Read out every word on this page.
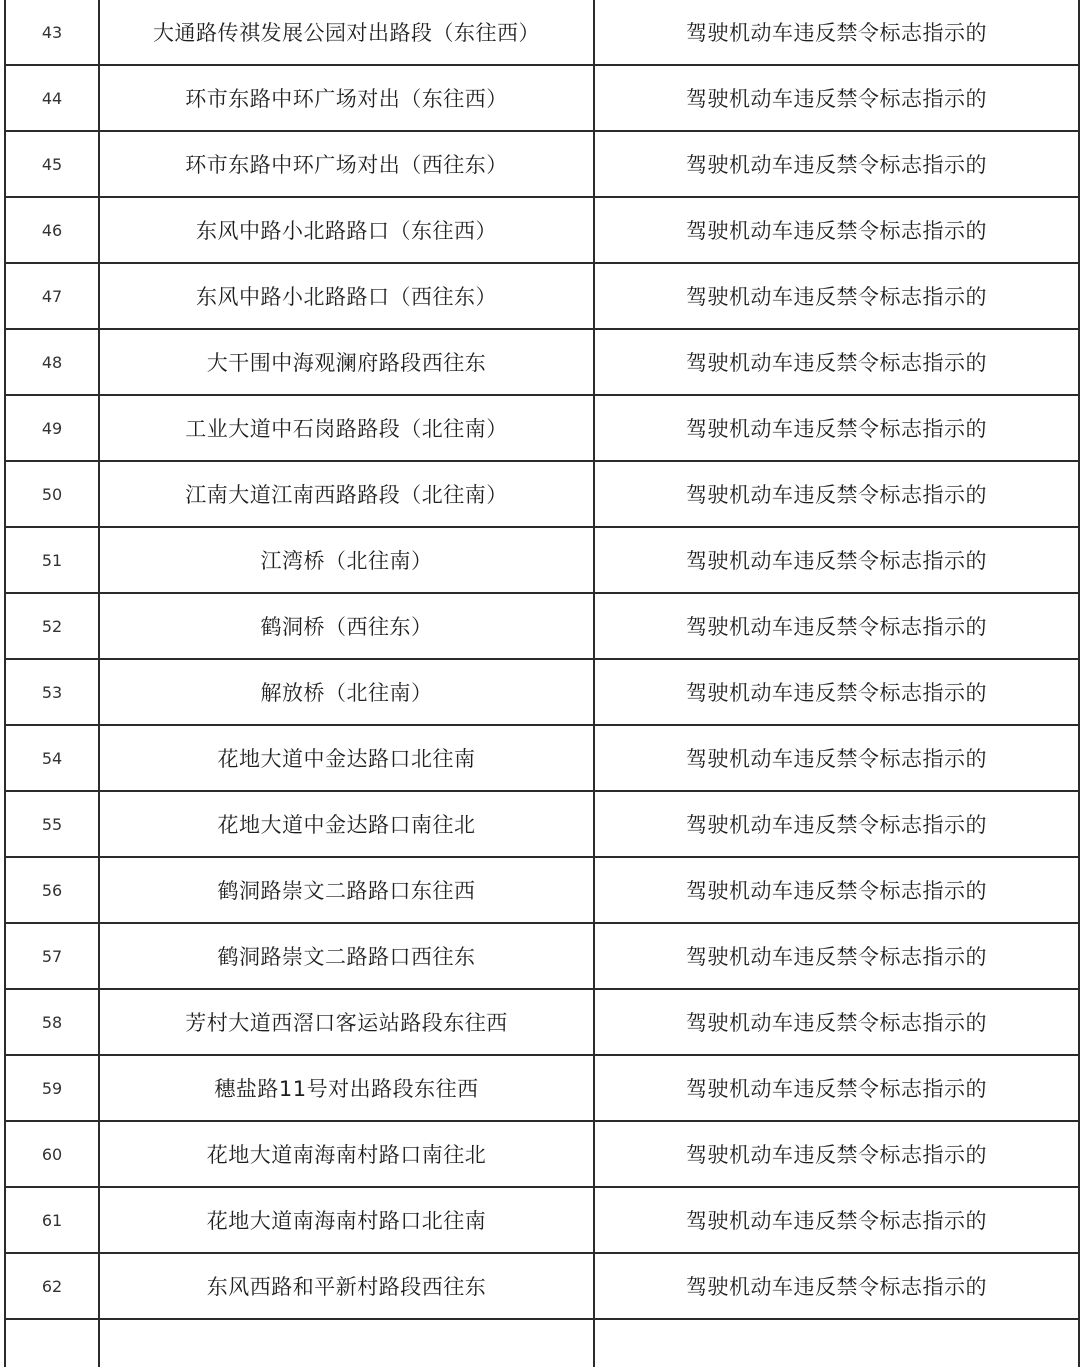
43	大通路传祺发展公园对出路段（东往西）	驾驶机动车违反禁令标志指示的
44	环市东路中环广场对出（东往西）	驾驶机动车违反禁令标志指示的
45	环市东路中环广场对出（西往东）	驾驶机动车违反禁令标志指示的
46	东风中路小北路路口（东往西）	驾驶机动车违反禁令标志指示的
47	东风中路小北路路口（西往东）	驾驶机动车违反禁令标志指示的
48	大干围中海观澜府路段西往东	驾驶机动车违反禁令标志指示的
49	工业大道中石岗路路段（北往南）	驾驶机动车违反禁令标志指示的
50	江南大道江南西路路段（北往南）	驾驶机动车违反禁令标志指示的
51	江湾桥（北往南）	驾驶机动车违反禁令标志指示的
52	鹤洞桥（西往东）	驾驶机动车违反禁令标志指示的
53	解放桥（北往南）	驾驶机动车违反禁令标志指示的
54	花地大道中金达路口北往南	驾驶机动车违反禁令标志指示的
55	花地大道中金达路口南往北	驾驶机动车违反禁令标志指示的
56	鹤洞路崇文二路路口东往西	驾驶机动车违反禁令标志指示的
57	鹤洞路崇文二路路口西往东	驾驶机动车违反禁令标志指示的
58	芳村大道西滘口客运站路段东往西	驾驶机动车违反禁令标志指示的
59	穗盐路11号对出路段东往西	驾驶机动车违反禁令标志指示的
60	花地大道南海南村路口南往北	驾驶机动车违反禁令标志指示的
61	花地大道南海南村路口北往南	驾驶机动车违反禁令标志指示的
62	东风西路和平新村路段西往东	驾驶机动车违反禁令标志指示的
